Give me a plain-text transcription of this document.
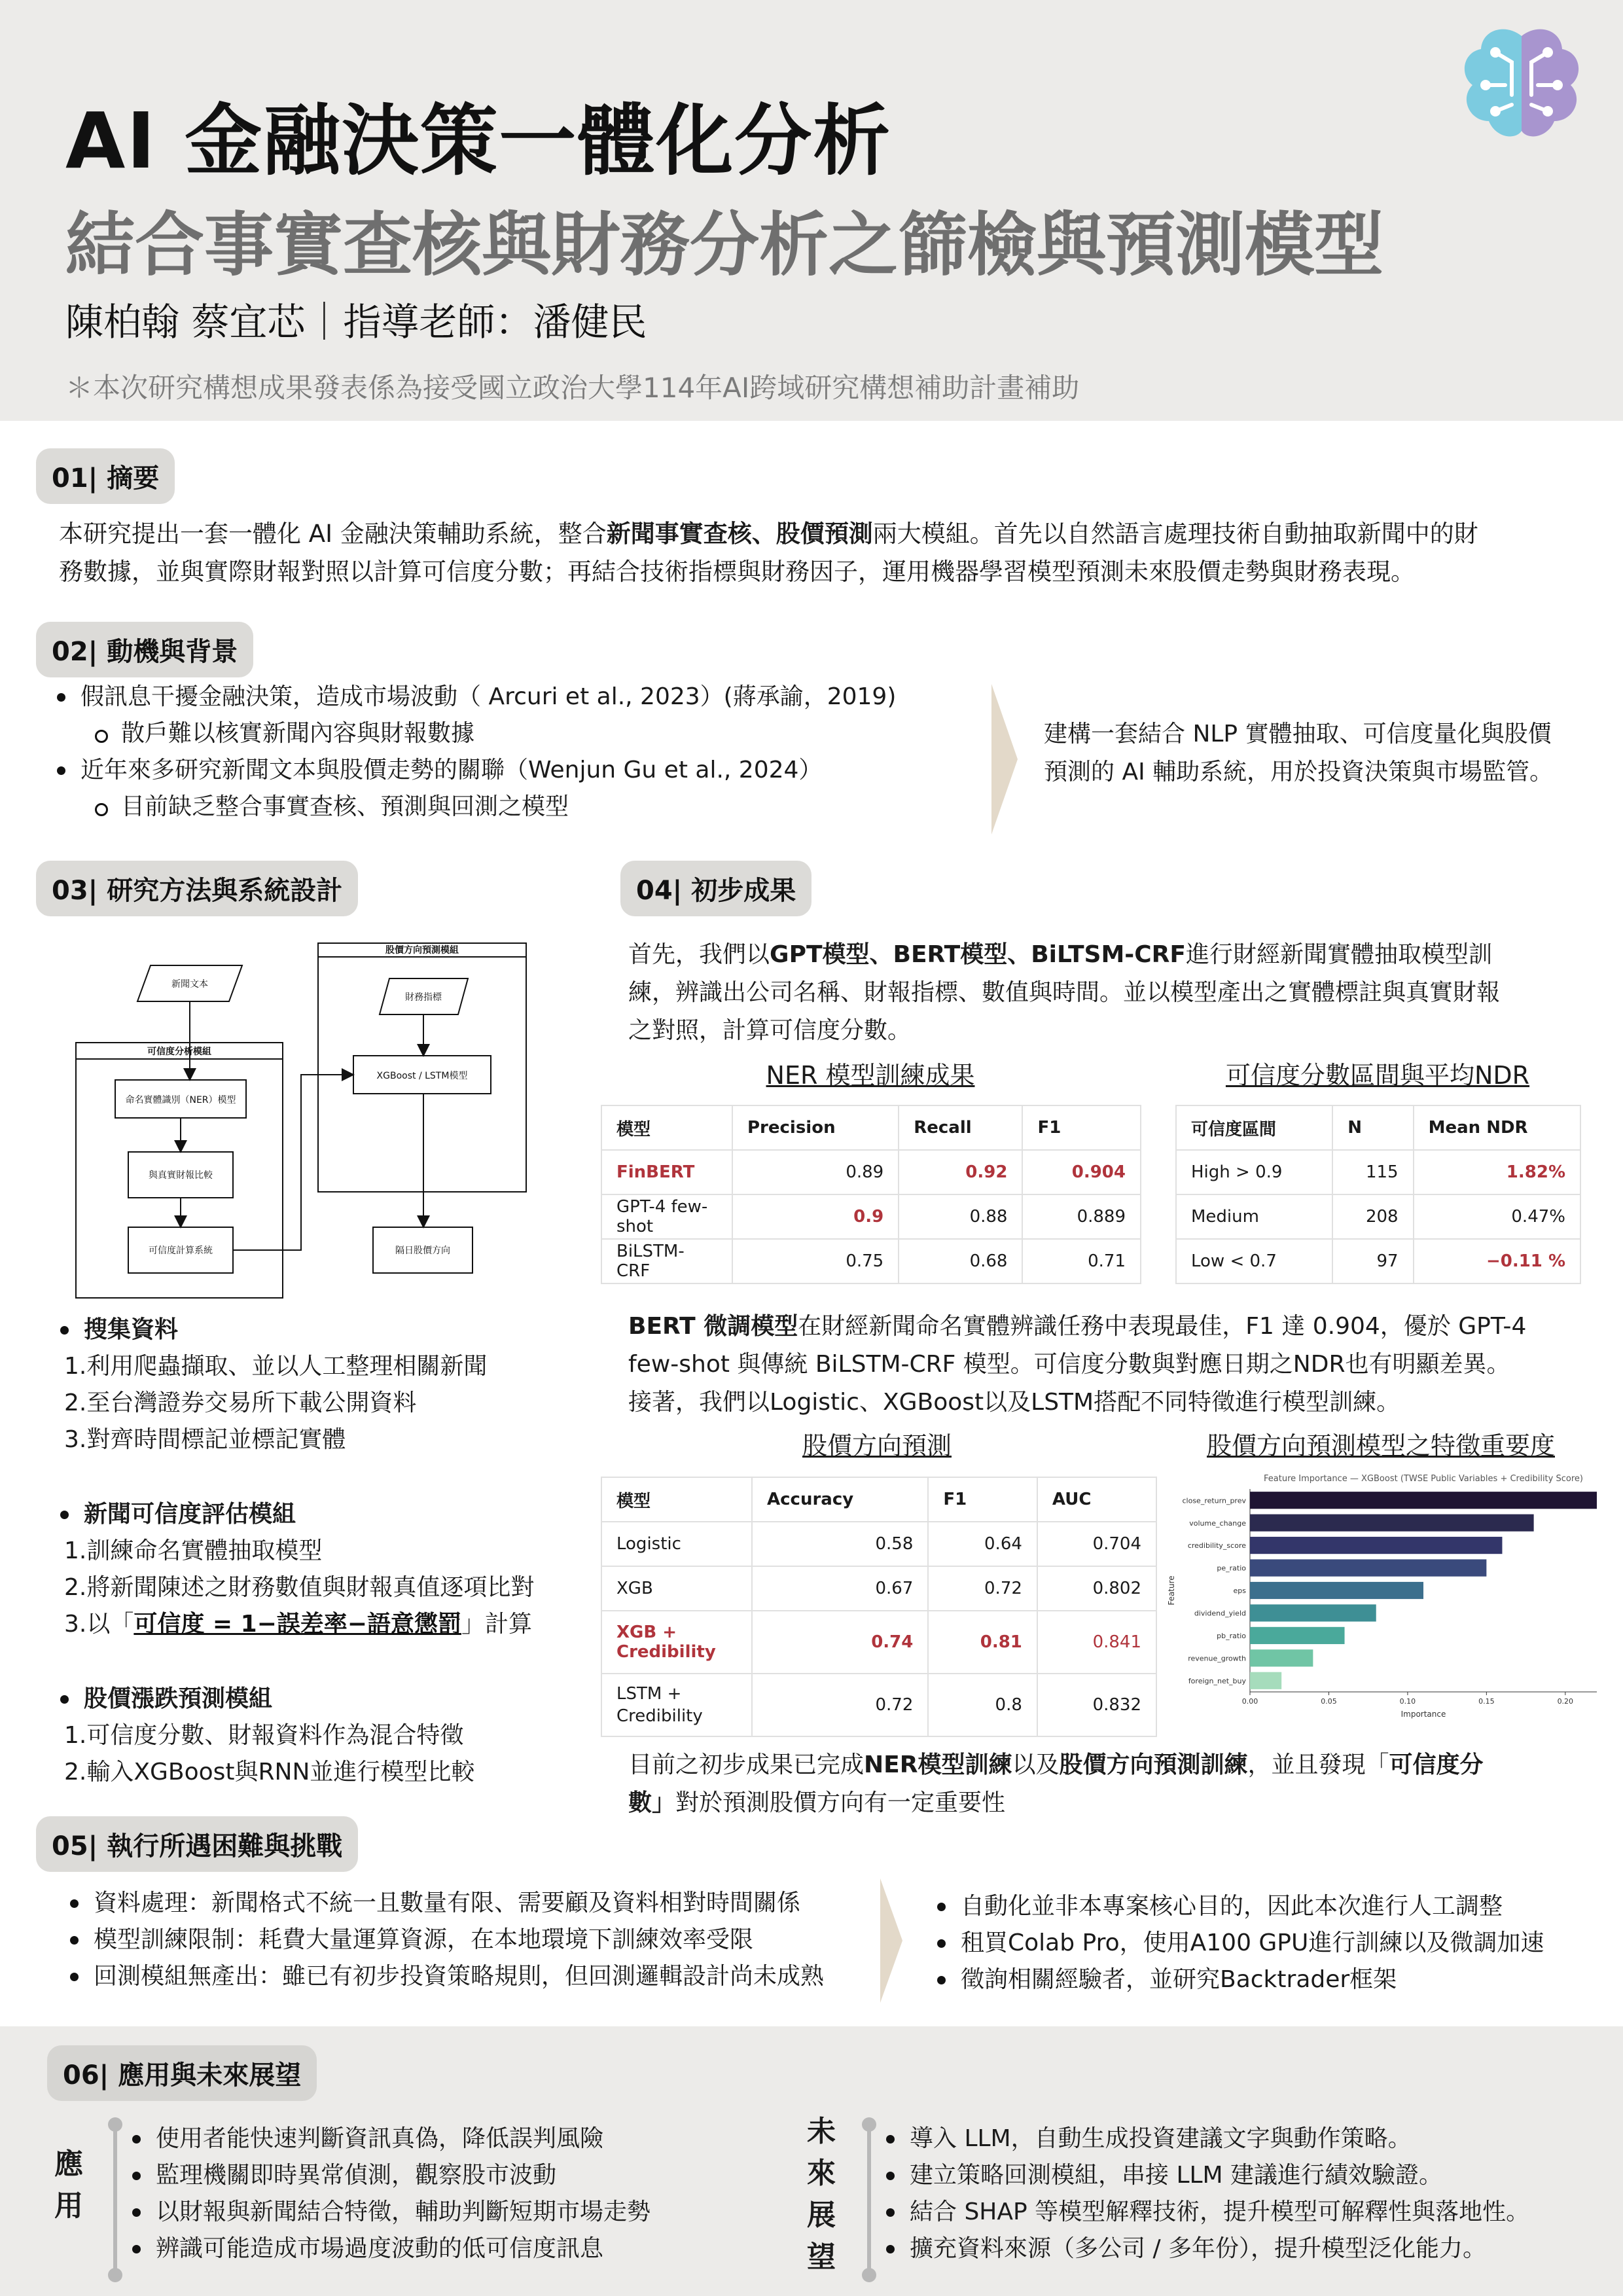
AI 金融決策一體化分析
結合事實查核與財務分析之篩檢與預測模型
陳柏翰 蔡宜芯｜指導老師：潘健民
＊本次研究構想成果發表係為接受國立政治大學114年AI跨域研究構想補助計畫補助
01| 摘要
本研究提出一套一體化 AI 金融決策輔助系統，整合新聞事實查核、股價預測兩大模組。首先以自然語言處理技術自動抽取新聞中的財
務數據，並與實際財報對照以計算可信度分數；再結合技術指標與財務因子，運用機器學習模型預測未來股價走勢與財務表現。
02| 動機與背景
假訊息干擾金融決策，造成市場波動（ Arcuri et al., 2023）(蔣承諭，2019)
散戶難以核實新聞內容與財報數據
近年來多研究新聞文本與股價走勢的關聯（Wenjun Gu et al., 2024）
目前缺乏整合事實查核、預測與回測之模型
建構一套結合 NLP 實體抽取、可信度量化與股價
預測的 AI 輔助系統，用於投資決策與市場監管。
03| 研究方法與系統設計
新聞文本
可信度分析模組
命名實體識別（NER）模型
與真實財報比較
可信度計算系統
股價方向預測模組
財務指標
XGBoost / LSTM模型
隔日股價方向
搜集資料
1.利用爬蟲擷取、並以人工整理相關新聞
2.至台灣證券交易所下載公開資料
3.對齊時間標記並標記實體
新聞可信度評估模組
1.訓練命名實體抽取模型
2.將新聞陳述之財務數值與財報真值逐項比對
3.以「可信度 = 1−誤差率−語意懲罰」計算
股價漲跌預測模組
1.可信度分數、財報資料作為混合特徵
2.輸入XGBoost與RNN並進行模型比較
04| 初步成果
首先，我們以GPT模型、BERT模型、BiLTSM-CRF進行財經新聞實體抽取模型訓
練，辨識出公司名稱、財報指標、數值與時間。並以模型產出之實體標註與真實財報
之對照，計算可信度分數。
NER 模型訓練成果
模型	Precision	Recall	F1
FinBERT	0.89	0.92	0.904
GPT-4 few-shot	0.9	0.88	0.889
BiLSTM-CRF	0.75	0.68	0.71
可信度分數區間與平均NDR
可信度區間	N	Mean NDR
High > 0.9	115	1.82%
Medium	208	0.47%
Low < 0.7	97	−0.11 %
BERT 微調模型在財經新聞命名實體辨識任務中表現最佳，F1 達 0.904，優於 GPT-4
few-shot 與傳統 BiLSTM-CRF 模型。可信度分數與對應日期之NDR也有明顯差異。
接著，我們以Logistic、XGBoost以及LSTM搭配不同特徵進行模型訓練。
股價方向預測
模型	Accuracy	F1	AUC
Logistic	0.58	0.64	0.704
XGB	0.67	0.72	0.802
XGB + Credibility	0.74	0.81	0.841
LSTM + Credibility	0.72	0.8	0.832
股價方向預測模型之特徵重要度
Feature Importance — XGBoost (TWSE Public Variables + Credibility Score)
close_return_prev
volume_change
credibility_score
pe_ratio
eps
dividend_yield
pb_ratio
revenue_growth
foreign_net_buy
0.00	0.05	0.10	0.15	0.20
Importance
Feature
目前之初步成果已完成NER模型訓練以及股價方向預測訓練，並且發現「可信度分
數」對於預測股價方向有一定重要性
05| 執行所遇困難與挑戰
資料處理：新聞格式不統一且數量有限、需要顧及資料相對時間關係
模型訓練限制：耗費大量運算資源，在本地環境下訓練效率受限
回測模組無產出：雖已有初步投資策略規則，但回測邏輯設計尚未成熟
自動化並非本專案核心目的，因此本次進行人工調整
租買Colab Pro，使用A100 GPU進行訓練以及微調加速
徵詢相關經驗者，並研究Backtrader框架
06| 應用與未來展望
應
用
使用者能快速判斷資訊真偽，降低誤判風險
監理機關即時異常偵測，觀察股市波動
以財報與新聞結合特徵，輔助判斷短期市場走勢
辨識可能造成市場過度波動的低可信度訊息
未
來
展
望
導入 LLM，自動生成投資建議文字與動作策略。
建立策略回測模組，串接 LLM 建議進行績效驗證。
結合 SHAP 等模型解釋技術，提升模型可解釋性與落地性。
擴充資料來源（多公司 / 多年份），提升模型泛化能力。
